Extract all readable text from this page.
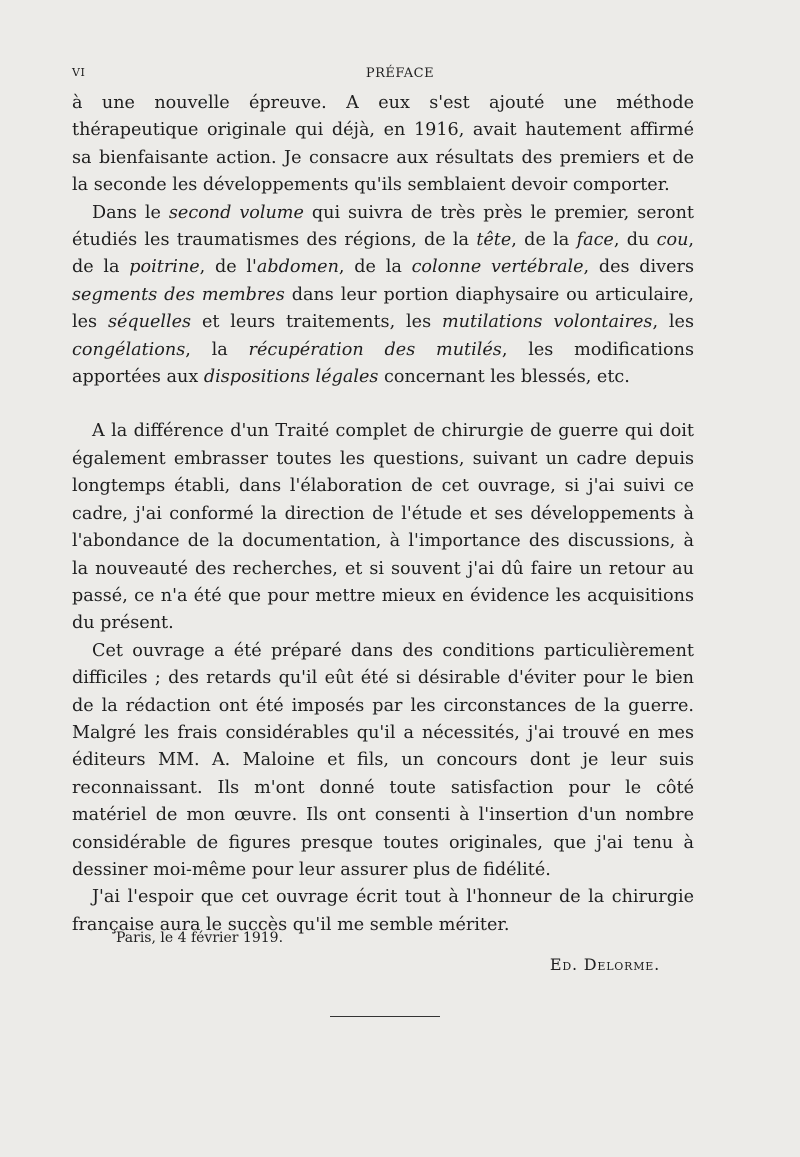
VI	PRÉFACE

à une nouvelle épreuve. A eux s'est ajouté une méthode thérapeutique originale qui déjà, en 1916, avait hautement affirmé sa bienfaisante action. Je consacre aux résultats des premiers et de la seconde les développements qu'ils semblaient devoir comporter.

Dans le second volume qui suivra de très près le premier, seront étudiés les traumatismes des régions, de la tête, de la face, du cou, de la poitrine, de l'abdomen, de la colonne vertébrale, des divers segments des membres dans leur portion diaphysaire ou articulaire, les séquelles et leurs traitements, les mutilations volontaires, les congélations, la récupération des mutilés, les modifications apportées aux dispositions légales concernant les blessés, etc.

A la différence d'un Traité complet de chirurgie de guerre qui doit également embrasser toutes les questions, suivant un cadre depuis longtemps établi, dans l'élaboration de cet ouvrage, si j'ai suivi ce cadre, j'ai conformé la direction de l'étude et ses développements à l'abondance de la documentation, à l'importance des discussions, à la nouveauté des recherches, et si souvent j'ai dû faire un retour au passé, ce n'a été que pour mettre mieux en évidence les acquisitions du présent.

Cet ouvrage a été préparé dans des conditions particulièrement difficiles ; des retards qu'il eût été si désirable d'éviter pour le bien de la rédaction ont été imposés par les circonstances de la guerre. Malgré les frais considérables qu'il a nécessités, j'ai trouvé en mes éditeurs MM. A. Maloine et fils, un concours dont je leur suis reconnaissant. Ils m'ont donné toute satisfaction pour le côté matériel de mon œuvre. Ils ont consenti à l'insertion d'un nombre considérable de figures presque toutes originales, que j'ai tenu à dessiner moi-même pour leur assurer plus de fidélité.

J'ai l'espoir que cet ouvrage écrit tout à l'honneur de la chirurgie française aura le succès qu'il me semble mériter.

Paris, le 4 février 1919.
Ed. Delorme.
